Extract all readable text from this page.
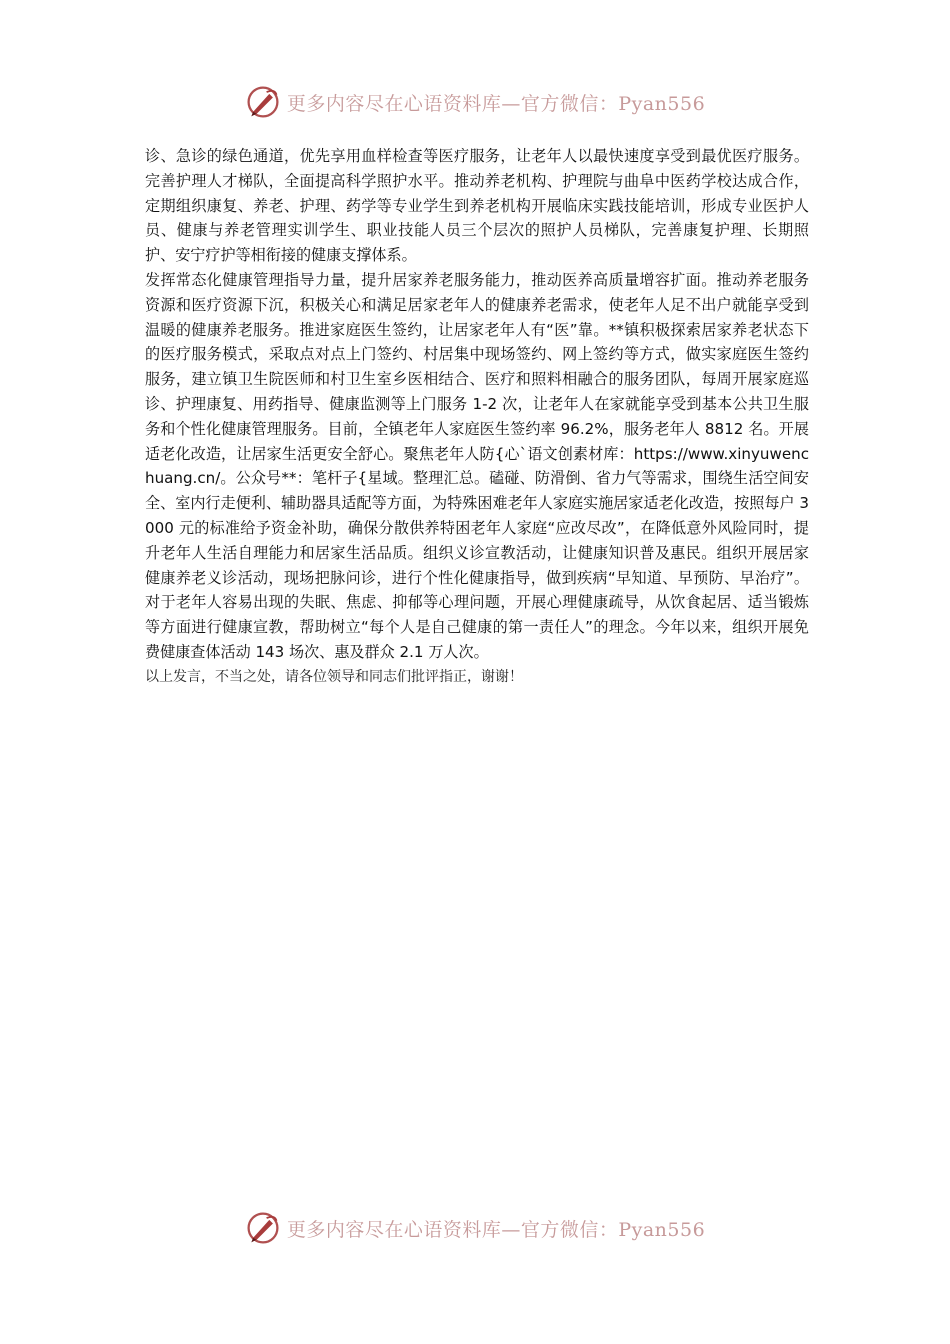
更多内容尽在心语资料库—官方微信：Pyan556

诊、急诊的绿色通道，优先享用血样检查等医疗服务，让老年人以最快速度享受到最优医疗服务。完善护理人才梯队，全面提高科学照护水平。推动养老机构、护理院与曲阜中医药学校达成合作，定期组织康复、养老、护理、药学等专业学生到养老机构开展临床实践技能培训，形成专业医护人员、健康与养老管理实训学生、职业技能人员三个层次的照护人员梯队，完善康复护理、长期照护、安宁疗护等相衔接的健康支撑体系。

发挥常态化健康管理指导力量，提升居家养老服务能力，推动医养高质量增容扩面。推动养老服务资源和医疗资源下沉，积极关心和满足居家老年人的健康养老需求，使老年人足不出户就能享受到温暖的健康养老服务。推进家庭医生签约，让居家老年人有“医”靠。**镇积极探索居家养老状态下的医疗服务模式，采取点对点上门签约、村居集中现场签约、网上签约等方式，做实家庭医生签约服务，建立镇卫生院医师和村卫生室乡医相结合、医疗和照料相融合的服务团队，每周开展家庭巡诊、护理康复、用药指导、健康监测等上门服务 1-2 次，让老年人在家就能享受到基本公共卫生服务和个性化健康管理服务。目前，全镇老年人家庭医生签约率 96.2%，服务老年人 8812 名。开展适老化改造，让居家生活更安全舒心。聚焦老年人防{心`语文创素材库：https://www.xinyuwenchuang.cn/。公众号**：笔杆子{星域。整理汇总。磕碰、防滑倒、省力气等需求，围绕生活空间安全、室内行走便利、辅助器具适配等方面，为特殊困难老年人家庭实施居家适老化改造，按照每户 3000 元的标准给予资金补助，确保分散供养特困老年人家庭“应改尽改”，在降低意外风险同时，提升老年人生活自理能力和居家生活品质。组织义诊宣教活动，让健康知识普及惠民。组织开展居家健康养老义诊活动，现场把脉问诊，进行个性化健康指导，做到疾病“早知道、早预防、早治疗”。对于老年人容易出现的失眠、焦虑、抑郁等心理问题，开展心理健康疏导，从饮食起居、适当锻炼等方面进行健康宣教，帮助树立“每个人是自己健康的第一责任人”的理念。今年以来，组织开展免费健康查体活动 143 场次、惠及群众 2.1 万人次。

以上发言，不当之处，请各位领导和同志们批评指正，谢谢！

更多内容尽在心语资料库—官方微信：Pyan556
